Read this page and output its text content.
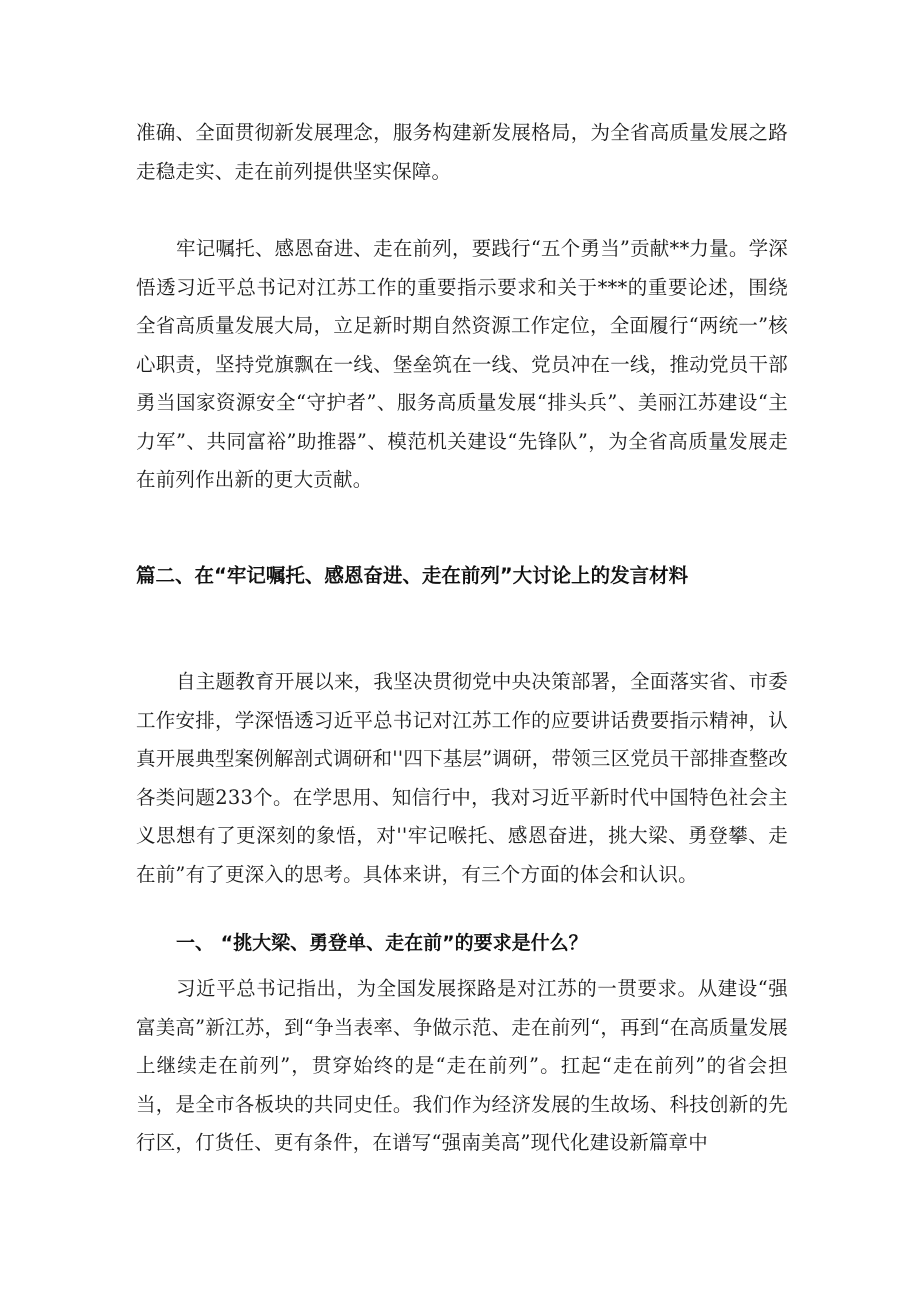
准确、全面贯彻新发展理念，服务构建新发展格局，为全省高质量发展之路走稳走实、走在前列提供坚实保障。

牢记嘱托、感恩奋进、走在前列，要践行“五个勇当”贡献**力量。学深悟透习近平总书记对江苏工作的重要指示要求和关于***的重要论述，围绕全省高质量发展大局，立足新时期自然资源工作定位，全面履行“两统一”核心职责，坚持党旗飘在一线、堡垒筑在一线、党员冲在一线，推动党员干部勇当国家资源安全“守护者”、服务高质量发展“排头兵”、美丽江苏建设“主力军”、共同富裕”助推器”、模范机关建设“先锋队”，为全省高质量发展走在前列作出新的更大贡献。

篇二、在“牢记嘱托、感恩奋进、走在前列”大讨论上的发言材料

自主题教育开展以来，我坚决贯彻党中央决策部署，全面落实省、市委工作安排，学深悟透习近平总书记对江苏工作的应要讲话费要指示精神，认真开展典型案例解剖式调研和''四下基层”调研，带领三区党员干部排查整改各类问题233个。在学思用、知信行中，我对习近平新时代中国特色社会主义思想有了更深刻的象悟，对''牢记喉托、感恩奋进，挑大梁、勇登攀、走在前”有了更深入的思考。具体来讲，有三个方面的体会和认识。

一、 “挑大梁、勇登单、走在前”的要求是什么？

习近平总书记指出，为全国发展探路是对江苏的一贯要求。从建设“强富美高”新江苏，到“争当表率、争做示范、走在前列“，再到“在高质量发展上继续走在前列”，贯穿始终的是“走在前列”。扛起“走在前列”的省会担当，是全市各板块的共同史任。我们作为经济发展的生故场、科技创新的先行区，仃货任、更有条件，在谱写“强南美高”现代化建设新篇章中
